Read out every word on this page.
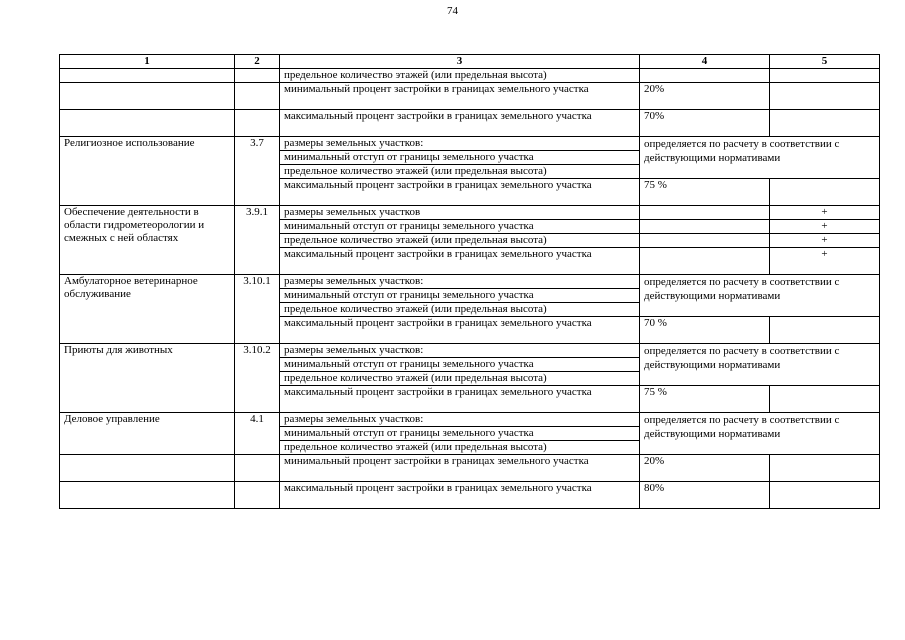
74
1	2	3	4	5
		предельное количество этажей (или предельная высота)		
		минимальный процент застройки в границах земельного участка	20%	
		максимальный процент застройки в границах земельного участка	70%	
Религиозное использование	3.7	размеры земельных участков:	определяется по расчету в соответствии с действующими нормативами	
		минимальный отступ от границы земельного участка		
		предельное количество этажей (или предельная высота)		
		максимальный процент застройки в границах земельного участка	75 %	
Обеспечение деятельности в области гидрометеорологии и смежных с ней областях	3.9.1	размеры земельных участков		+
		минимальный отступ от границы земельного участка		+
		предельное количество этажей (или предельная высота)		+
		максимальный процент застройки в границах земельного участка		+
Амбулаторное ветеринарное обслуживание	3.10.1	размеры земельных участков:	определяется по расчету в соответствии с действующими нормативами	
		минимальный отступ от границы земельного участка		
		предельное количество этажей (или предельная высота)		
		максимальный процент застройки в границах земельного участка	70 %	
Приюты для животных	3.10.2	размеры земельных участков:	определяется по расчету в соответствии с действующими нормативами	
		минимальный отступ от границы земельного участка		
		предельное количество этажей (или предельная высота)		
		максимальный процент застройки в границах земельного участка	75 %	
Деловое управление	4.1	размеры земельных участков:	определяется по расчету в соответствии с действующими нормативами	
		минимальный отступ от границы земельного участка		
		предельное количество этажей (или предельная высота)		
		минимальный процент застройки в границах земельного участка	20%	
		максимальный процент застройки в границах земельного участка	80%	
